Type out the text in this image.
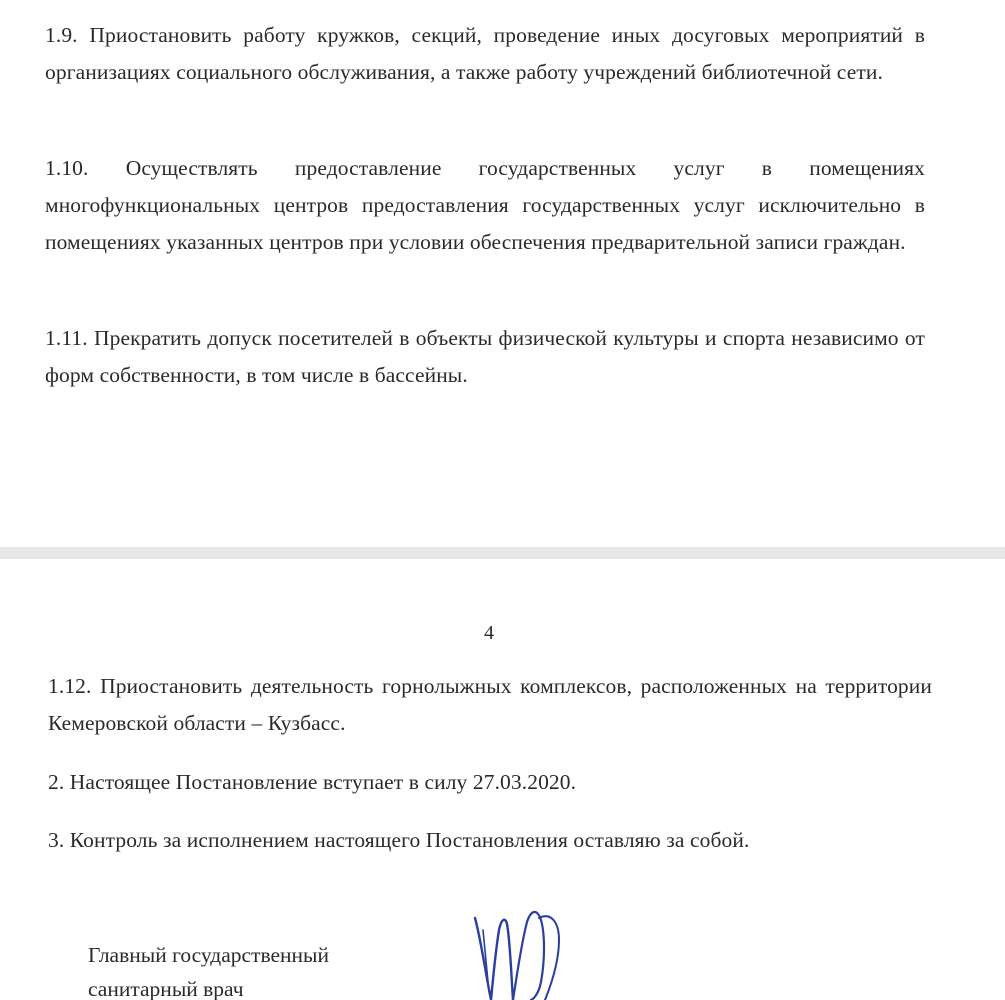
1.9. Приостановить работу кружков, секций, проведение иных досуговых мероприятий в организациях социального обслуживания, а также работу учреждений библиотечной сети.

1.10. Осуществлять предоставление государственных услуг в помещениях многофункциональных центров предоставления государственных услуг исключительно в помещениях указанных центров при условии обеспечения предварительной записи граждан.

1.11. Прекратить допуск посетителей в объекты физической культуры и спорта независимо от форм собственности, в том числе в бассейны.

4

1.12. Приостановить деятельность горнолыжных комплексов, расположенных на территории Кемеровской области – Кузбасс.

2. Настоящее Постановление вступает в силу 27.03.2020.

3. Контроль за исполнением настоящего Постановления оставляю за собой.

Главный государственный
санитарный врач
